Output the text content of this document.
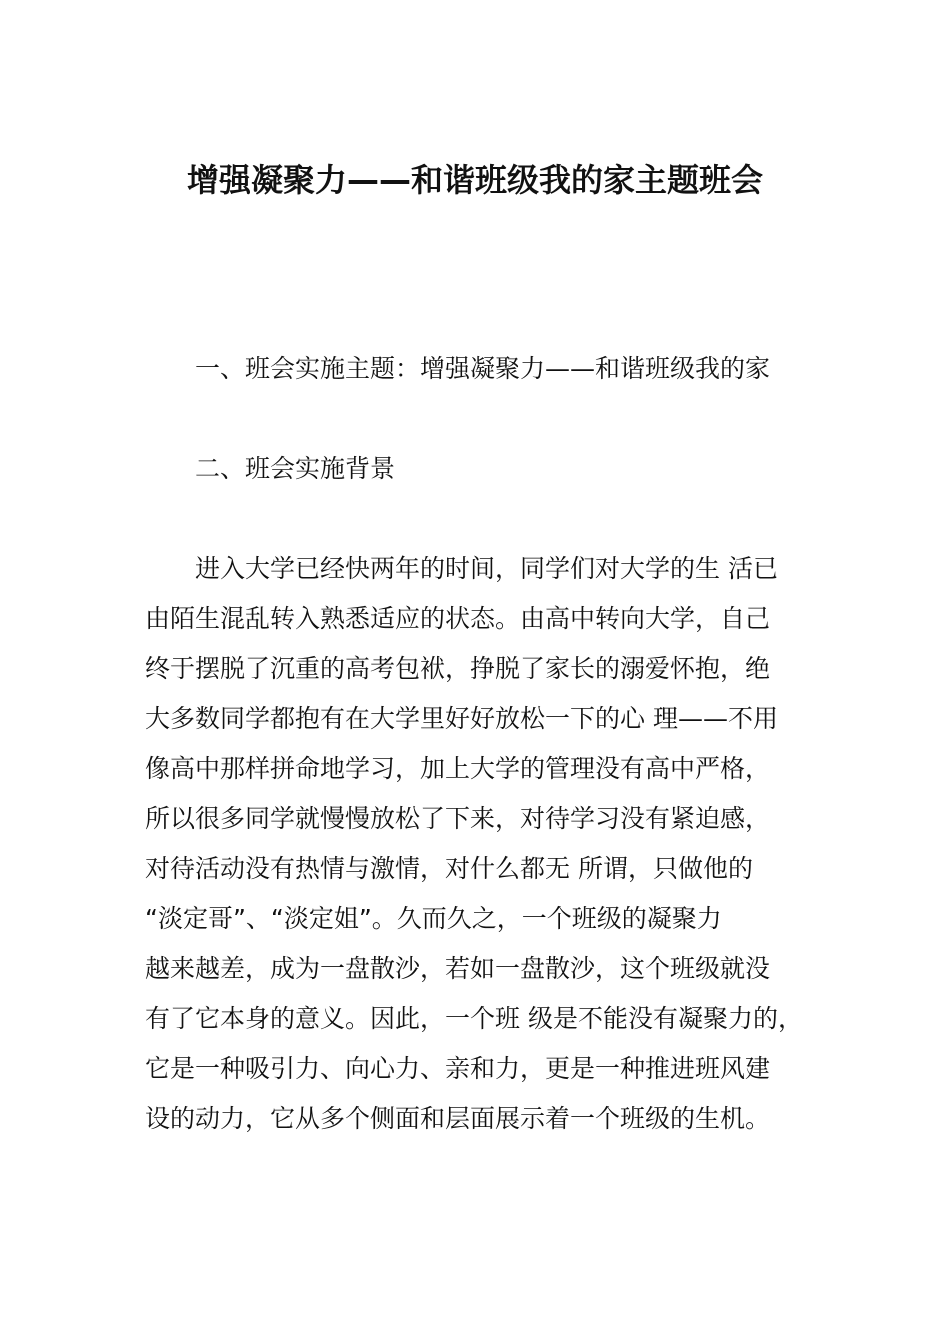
增强凝聚力——和谐班级我的家主题班会
一、班会实施主题：增强凝聚力——和谐班级我的家
二、班会实施背景
进入大学已经快两年的时间，同学们对大学的生 活已
由陌生混乱转入熟悉适应的状态。由高中转向大学，自己
终于摆脱了沉重的高考包袱，挣脱了家长的溺爱怀抱，绝
大多数同学都抱有在大学里好好放松一下的心 理——不用
像高中那样拼命地学习，加上大学的管理没有高中严格，
所以很多同学就慢慢放松了下来，对待学习没有紧迫感，
对待活动没有热情与激情，对什么都无 所谓，只做他的
“淡定哥”、“淡定姐”。久而久之，一个班级的凝聚力
越来越差，成为一盘散沙，若如一盘散沙，这个班级就没
有了它本身的意义。因此，一个班 级是不能没有凝聚力的，
它是一种吸引力、向心力、亲和力，更是一种推进班风建
设的动力，它从多个侧面和层面展示着一个班级的生机。
